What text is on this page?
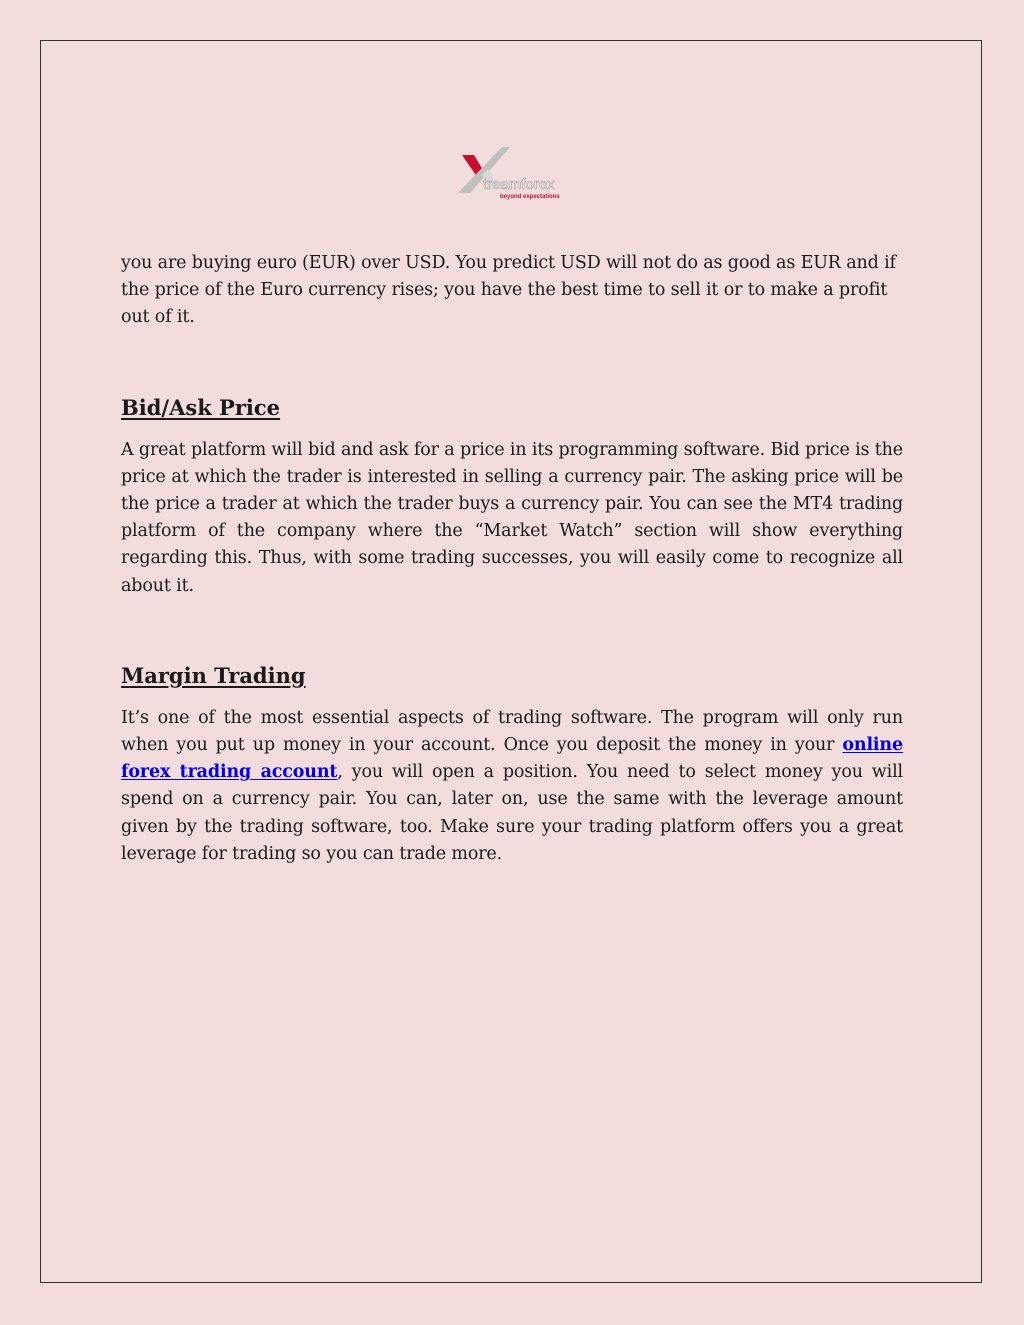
treamforex
beyond expectations

you are buying euro (EUR) over USD. You predict USD will not do as good as EUR and if the price of the Euro currency rises; you have the best time to sell it or to make a profit out of it.

Bid/Ask Price

A great platform will bid and ask for a price in its programming software. Bid price is the price at which the trader is interested in selling a currency pair. The asking price will be the price a trader at which the trader buys a currency pair. You can see the MT4 trading platform of the company where the “Market Watch” section will show everything regarding this. Thus, with some trading successes, you will easily come to recognize all about it.

Margin Trading

It’s one of the most essential aspects of trading software. The program will only run when you put up money in your account. Once you deposit the money in your online forex trading account, you will open a position. You need to select money you will spend on a currency pair. You can, later on, use the same with the leverage amount given by the trading software, too. Make sure your trading platform offers you a great leverage for trading so you can trade more.
